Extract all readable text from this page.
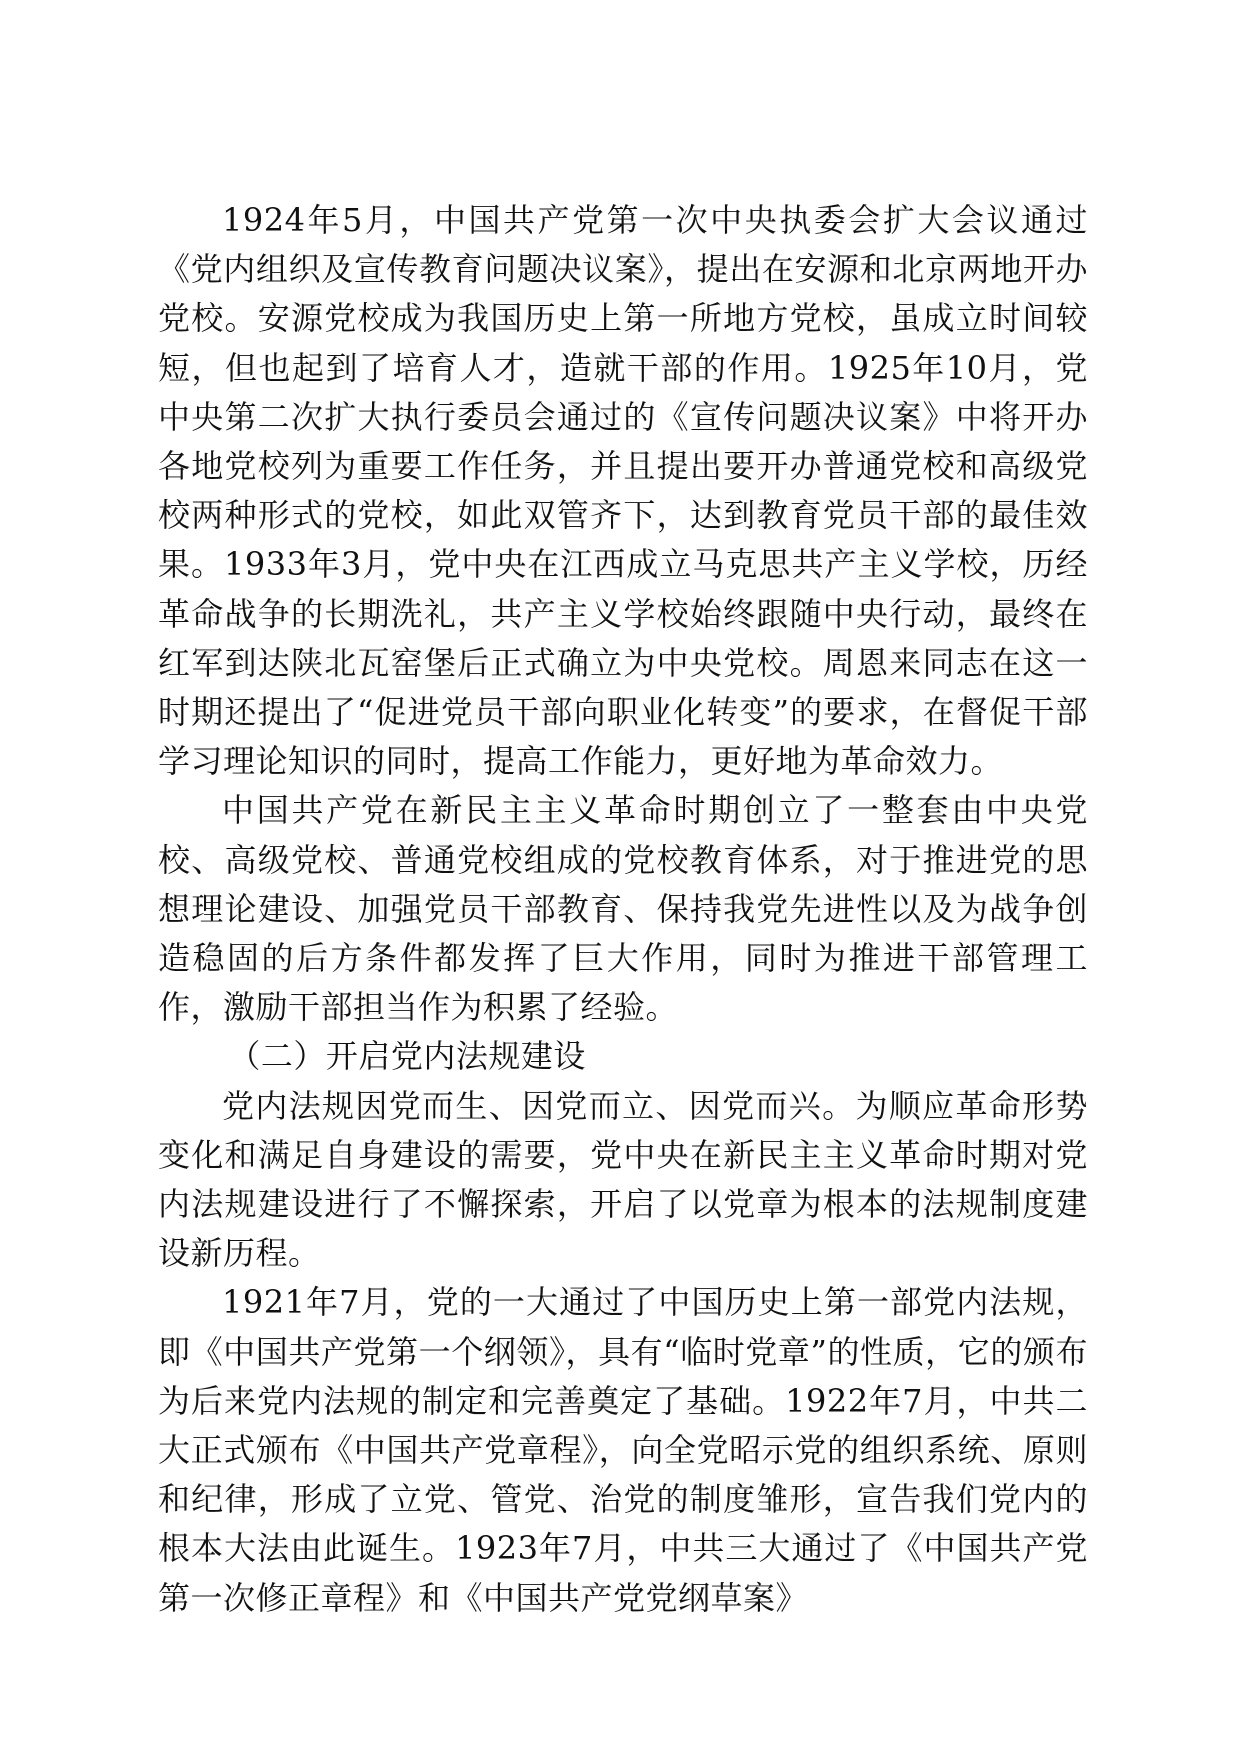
1924年5月，中国共产党第一次中央执委会扩大会议通过《党内组织及宣传教育问题决议案》，提出在安源和北京两地开办党校。安源党校成为我国历史上第一所地方党校，虽成立时间较短，但也起到了培育人才，造就干部的作用。1925年10月，党中央第二次扩大执行委员会通过的《宣传问题决议案》中将开办各地党校列为重要工作任务，并且提出要开办普通党校和高级党校两种形式的党校，如此双管齐下，达到教育党员干部的最佳效果。1933年3月，党中央在江西成立马克思共产主义学校，历经革命战争的长期洗礼，共产主义学校始终跟随中央行动，最终在红军到达陕北瓦窑堡后正式确立为中央党校。周恩来同志在这一时期还提出了“促进党员干部向职业化转变”的要求，在督促干部学习理论知识的同时，提高工作能力，更好地为革命效力。

中国共产党在新民主主义革命时期创立了一整套由中央党校、高级党校、普通党校组成的党校教育体系，对于推进党的思想理论建设、加强党员干部教育、保持我党先进性以及为战争创造稳固的后方条件都发挥了巨大作用，同时为推进干部管理工作，激励干部担当作为积累了经验。

（二）开启党内法规建设

党内法规因党而生、因党而立、因党而兴。为顺应革命形势变化和满足自身建设的需要，党中央在新民主主义革命时期对党内法规建设进行了不懈探索，开启了以党章为根本的法规制度建设新历程。

1921年7月，党的一大通过了中国历史上第一部党内法规，即《中国共产党第一个纲领》，具有“临时党章”的性质，它的颁布为后来党内法规的制定和完善奠定了基础。1922年7月，中共二大正式颁布《中国共产党章程》，向全党昭示党的组织系统、原则和纪律，形成了立党、管党、治党的制度雏形，宣告我们党内的根本大法由此诞生。1923年7月，中共三大通过了《中国共产党第一次修正章程》和《中国共产党党纲草案》
